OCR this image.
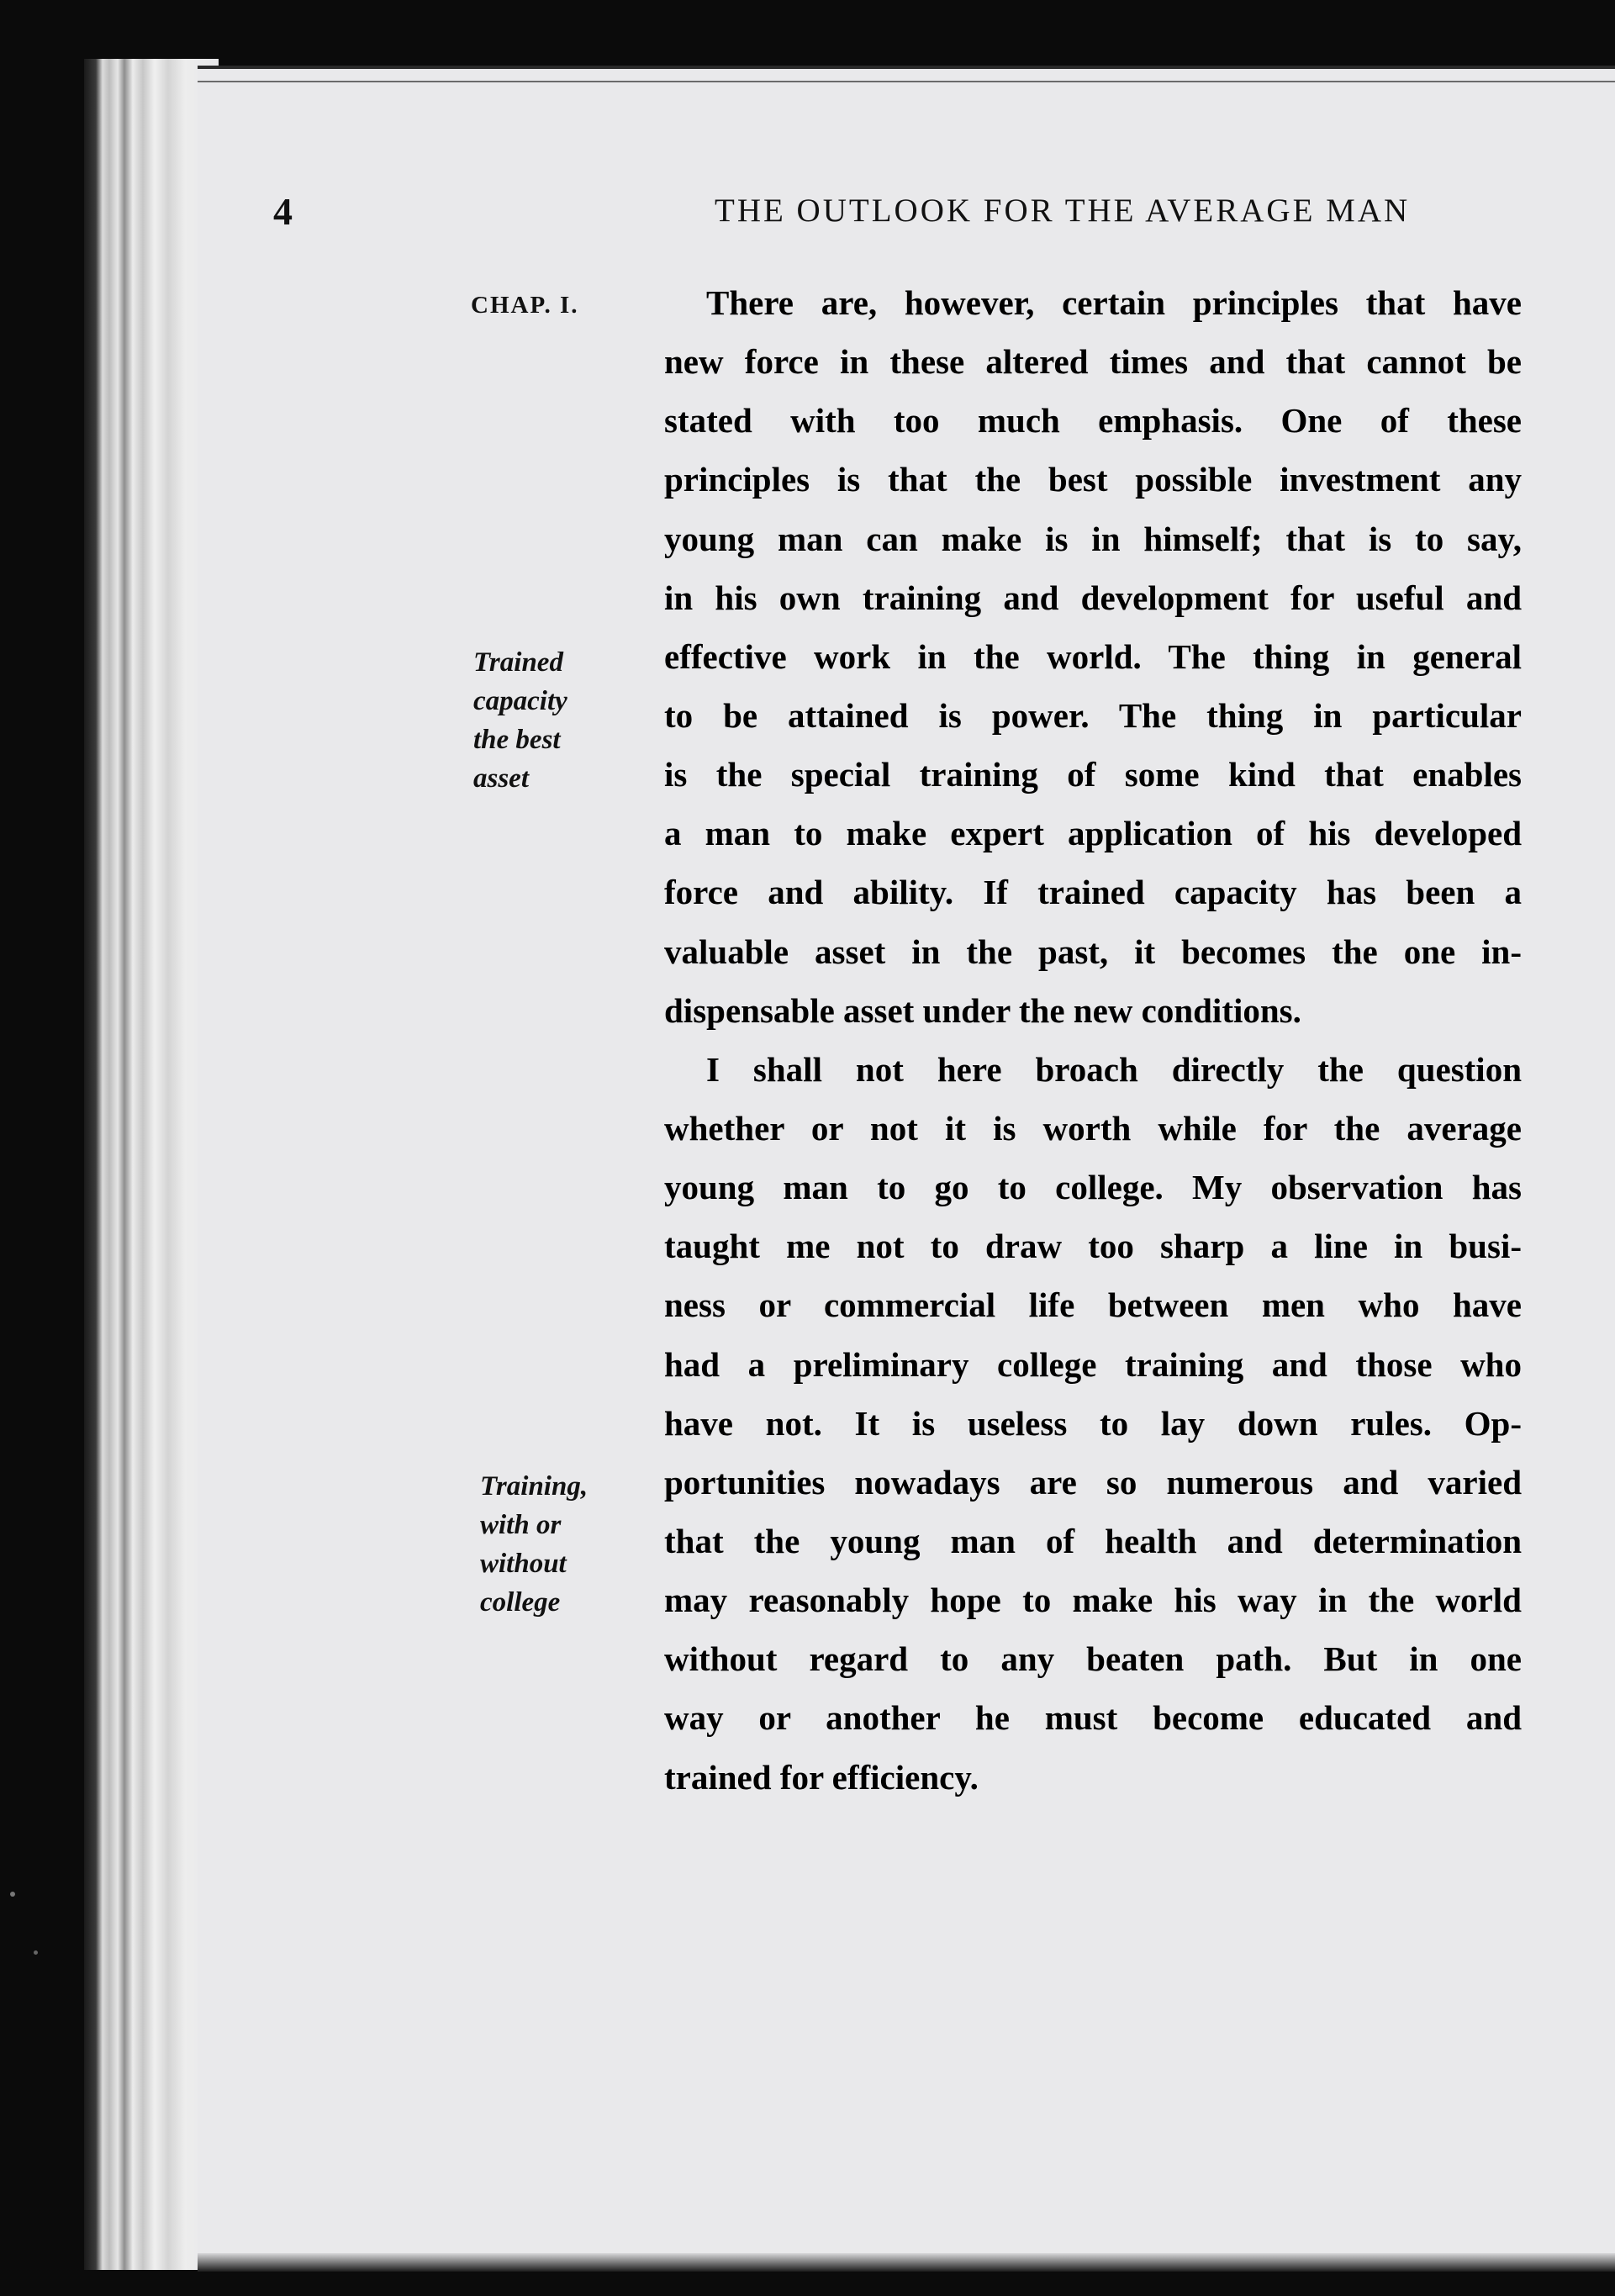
4	THE OUTLOOK FOR THE AVERAGE MAN
CHAP. I.
Trained
capacity
the best
asset
Training,
with or
without
college
There are, however, certain principles that have
new force in these altered times and that cannot be
stated with too much emphasis. One of these
principles is that the best possible investment any
young man can make is in himself; that is to say,
in his own training and development for useful and
effective work in the world. The thing in general
to be attained is power. The thing in particular
is the special training of some kind that enables
a man to make expert application of his developed
force and ability. If trained capacity has been a
valuable asset in the past, it becomes the one in-
dispensable asset under the new conditions.
I shall not here broach directly the question
whether or not it is worth while for the average
young man to go to college. My observation has
taught me not to draw too sharp a line in busi-
ness or commercial life between men who have
had a preliminary college training and those who
have not. It is useless to lay down rules. Op-
portunities nowadays are so numerous and varied
that the young man of health and determination
may reasonably hope to make his way in the world
without regard to any beaten path. But in one
way or another he must become educated and
trained for efficiency.
